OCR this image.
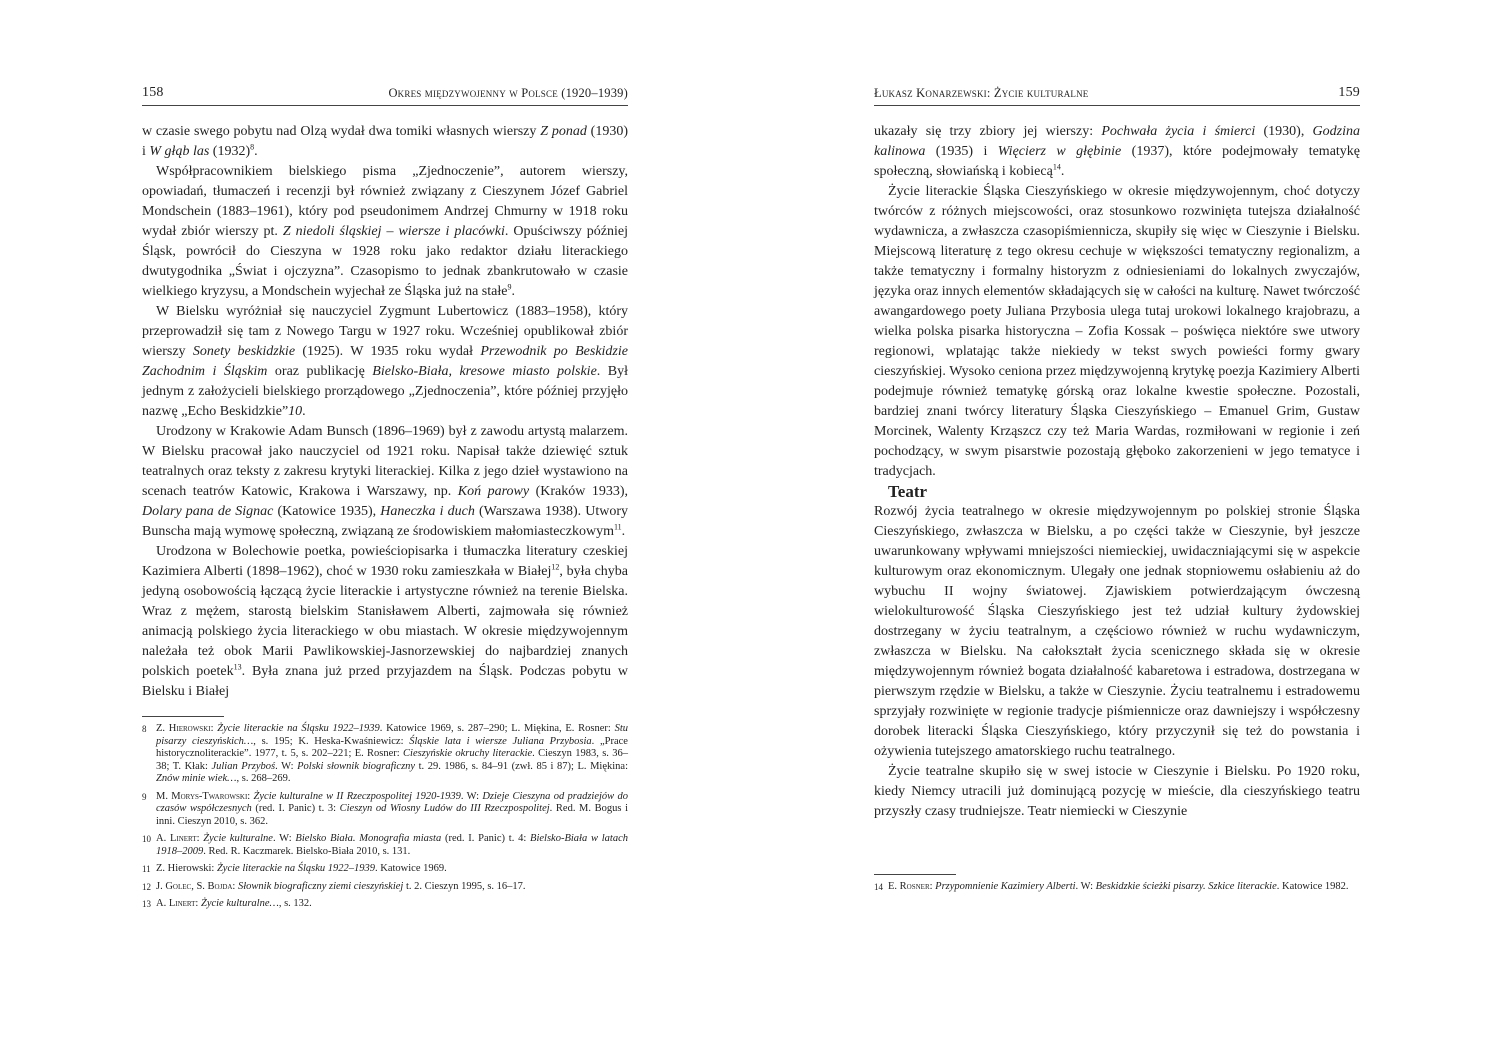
158	Okres międzywojenny w Polsce (1920–1939)

w czasie swego pobytu nad Olzą wydał dwa tomiki własnych wierszy Z ponad (1930) i W głąb las $(1932)^8$.

Współpracownikiem bielskiego pisma „Zjednoczenie”, autorem wierszy, opowiadań, tłumaczeń i recenzji był również związany z Cieszynem Józef Gabriel Mondschein (1883–1961), który pod pseudonimem Andrzej Chmurny w 1918 roku wydał zbiór wierszy pt. Z niedoli śląskiej – wiersze i placówki. Opuściwszy później Śląsk, powrócił do Cieszyna w 1928 roku jako redaktor działu literackiego dwutygodnika „Świat i ojczyzna”. Czasopismo to jednak zbankrutowało w czasie wielkiego kryzysu, a Mondschein wyjechał ze Śląska już na stałe$^9$.

W Bielsku wyróżniał się nauczyciel Zygmunt Lubertowicz (1883–1958), który przeprowadził się tam z Nowego Targu w 1927 roku. Wcześniej opublikował zbiór wierszy Sonety beskidzkie (1925). W 1935 roku wydał Przewodnik po Beskidzie Zachodnim i Śląskim oraz publikację Bielsko-Biała, kresowe miasto polskie. Był jednym z założycieli bielskiego prorządowego „Zjednoczenia”, które później przyjęło nazwę „Echo Beskidzkie”10.

Urodzony w Krakowie Adam Bunsch (1896–1969) był z zawodu artystą malarzem. W Bielsku pracował jako nauczyciel od 1921 roku. Napisał także dziewięć sztuk teatralnych oraz teksty z zakresu krytyki literackiej. Kilka z jego dzieł wystawiono na scenach teatrów Katowic, Krakowa i Warszawy, np. Koń parowy (Kraków 1933), Dolary pana de Signac (Katowice 1935), Haneczka i duch (Warszawa 1938). Utwory Bunscha mają wymowę społeczną, związaną ze środowiskiem małomiasteczkowym$^{11}$.

Urodzona w Bolechowie poetka, powieściopisarka i tłumaczka literatury czeskiej Kazimiera Alberti (1898–1962), choć w 1930 roku zamieszkała w Białej$^{12}$, była chyba jedyną osobowością łączącą życie literackie i artystyczne również na terenie Bielska. Wraz z mężem, starostą bielskim Stanisławem Alberti, zajmowała się również animacją polskiego życia literackiego w obu miastach. W okresie międzywojennym należała też obok Marii Pawlikowskiej-Jasnorzewskiej do najbardziej znanych polskich poetek$^{13}$. Była znana już przed przyjazdem na Śląsk. Podczas pobytu w Bielsku i Białej

8 Z. Hierowski: Życie literackie na Śląsku 1922–1939. Katowice 1969, s. 287–290; L. Miękina, E. Rosner: Stu pisarzy cieszyńskich…, s. 195; K. Heska-Kwaśniewicz: Śląskie lata i wiersze Juliana Przybosia. „Prace historycznoliterackie”. 1977, t. 5, s. 202–221; E. Rosner: Cieszyńskie okruchy literackie. Cieszyn 1983, s. 36–38; T. Kłak: Julian Przyboś. W: Polski słownik biograficzny t. 29. 1986, s. 84–91 (zwł. 85 i 87); L. Miękina: Znów minie wiek…, s. 268–269.
9 M. Morys-Twarowski: Życie kulturalne w II Rzeczpospolitej 1920-1939. W: Dzieje Cieszyna od pradziejów do czasów współczesnych (red. I. Panic) t. 3: Cieszyn od Wiosny Ludów do III Rzeczpospolitej. Red. M. Bogus i inni. Cieszyn 2010, s. 362.
10 A. Linert: Życie kulturalne. W: Bielsko Biała. Monografia miasta (red. I. Panic) t. 4: Bielsko-Biała w latach 1918–2009. Red. R. Kaczmarek. Bielsko-Biała 2010, s. 131.
11 Z. Hierowski: Życie literackie na Śląsku 1922–1939. Katowice 1969.
12 J. Golec, S. Bojda: Słownik biograficzny ziemi cieszyńskiej t. 2. Cieszyn 1995, s. 16–17.
13 A. Linert: Życie kulturalne…, s. 132.
Łukasz Konarzewski: Życie kulturalne	159

ukazały się trzy zbiory jej wierszy: Pochwała życia i śmierci (1930), Godzina kalinowa (1935) i Więcierz w głębinie (1937), które podejmowały tematykę społeczną, słowiańską i kobiecą$^{14}$.

Życie literackie Śląska Cieszyńskiego w okresie międzywojennym, choć dotyczy twórców z różnych miejscowości, oraz stosunkowo rozwinięta tutejsza działalność wydawnicza, a zwłaszcza czasopiśmiennicza, skupiły się więc w Cieszynie i Bielsku. Miejscową literaturę z tego okresu cechuje w większości tematyczny regionalizm, a także tematyczny i formalny historyzm z odniesieniami do lokalnych zwyczajów, języka oraz innych elementów składających się w całości na kulturę. Nawet twórczość awangardowego poety Juliana Przybosia ulega tutaj urokowi lokalnego krajobrazu, a wielka polska pisarka historyczna – Zofia Kossak – poświęca niektóre swe utwory regionowi, wplatając także niekiedy w tekst swych powieści formy gwary cieszyńskiej. Wysoko ceniona przez międzywojenną krytykę poezja Kazimiery Alberti podejmuje również tematykę górską oraz lokalne kwestie społeczne. Pozostali, bardziej znani twórcy literatury Śląska Cieszyńskiego – Emanuel Grim, Gustaw Morcinek, Walenty Krząszcz czy też Maria Wardas, rozmiłowani w regionie i zeń pochodzący, w swym pisarstwie pozostają głęboko zakorzenieni w jego tematyce i tradycjach.

Teatr

Rozwój życia teatralnego w okresie międzywojennym po polskiej stronie Śląska Cieszyńskiego, zwłaszcza w Bielsku, a po części także w Cieszynie, był jeszcze uwarunkowany wpływami mniejszości niemieckiej, uwidaczniającymi się w aspekcie kulturowym oraz ekonomicznym. Ulegały one jednak stopniowemu osłabieniu aż do wybuchu II wojny światowej. Zjawiskiem potwierdzającym ówczesną wielokulturowość Śląska Cieszyńskiego jest też udział kultury żydowskiej dostrzegany w życiu teatralnym, a częściowo również w ruchu wydawniczym, zwłaszcza w Bielsku. Na całokształt życia scenicznego składa się w okresie międzywojennym również bogata działalność kabaretowa i estradowa, dostrzegana w pierwszym rzędzie w Bielsku, a także w Cieszynie. Życiu teatralnemu i estradowemu sprzyjały rozwinięte w regionie tradycje piśmiennicze oraz dawniejszy i współczesny dorobek literacki Śląska Cieszyńskiego, który przyczynił się też do powstania i ożywienia tutejszego amatorskiego ruchu teatralnego.

Życie teatralne skupiło się w swej istocie w Cieszynie i Bielsku. Po 1920 roku, kiedy Niemcy utracili już dominującą pozycję w mieście, dla cieszyńskiego teatru przyszły czasy trudniejsze. Teatr niemiecki w Cieszynie

14 E. Rosner: Przypomnienie Kazimiery Alberti. W: Beskidzkie ścieżki pisarzy. Szkice literackie. Katowice 1982.
